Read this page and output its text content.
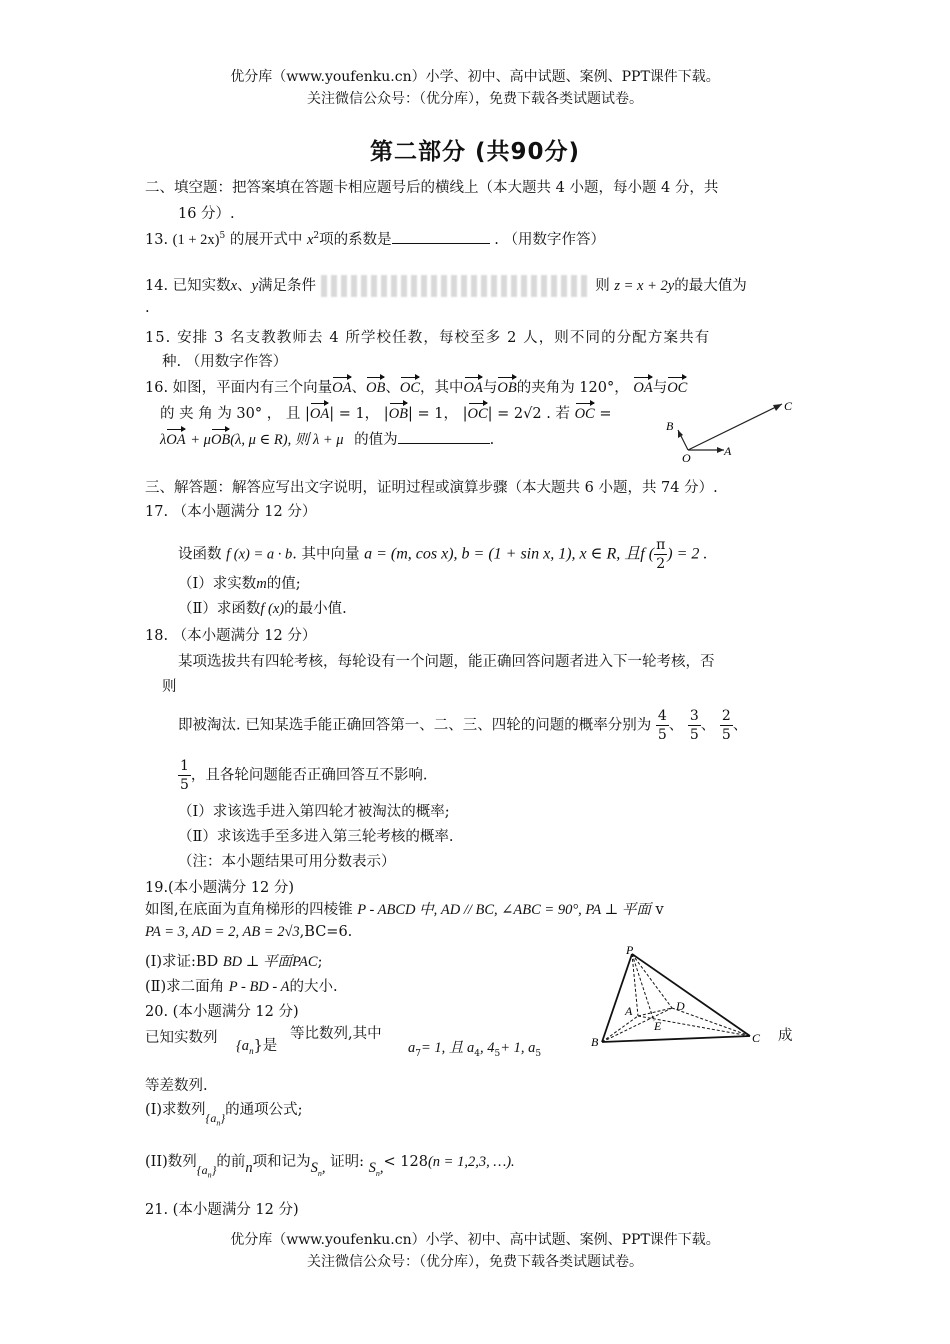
优分库（www.youfenku.cn）小学、初中、高中试题、案例、PPT课件下载。
关注微信公众号：（优分库），免费下载各类试题试卷。
第二部分 (共90分)
二、填空题：把答案填在答题卡相应题号后的横线上（本大题共 4 小题，每小题 4 分，共
16 分）.
13. $(1 + 2x)^5$ 的展开式中 $x^2$项的系数是	. （用数字作答）
14. 已知实数x、y满足条件	则 z = x + 2y的最大值为
.
15. 安排 3 名支教教师去 4 所学校任教，每校至多 2 人，则不同的分配方案共有
种. （用数字作答）
16. 如图，平面内有三个向量OA、OB、OC，其中OA与OB的夹角为 120°， OA与OC
的 夹 角 为 30° ， 且 |OA| = 1， |OB| = 1， |OC| = 2√2 . 若 OC =
λOA + μOB(λ, μ ∈ R), 则 λ + μ 的值为	.
B
C
O	A
三、解答题：解答应写出文字说明，证明过程或演算步骤（本大题共 6 小题，共 74 分）.
17. （本小题满分 12 分）
设函数 f (x) = a · b. 其中向量 a = (m, cos x), b = (1 + sin x, 1), x ∈ R, 且f ( $\frac{\pi}{2}$ ) = 2 .
（Ⅰ）求实数m的值;
（Ⅱ）求函数f (x)的最小值.
18. （本小题满分 12 分）
某项选拔共有四轮考核，每轮设有一个问题，能正确回答问题者进入下一轮考核，否
则
即被淘汰. 已知某选手能正确回答第一、二、三、四轮的问题的概率分别为 $\frac{4}{5}$ 、 $\frac{3}{5}$ 、 $\frac{2}{5}$ 、
$\frac{1}{5}$ ，且各轮问题能否正确回答互不影响.
（Ⅰ）求该选手进入第四轮才被淘汰的概率;
（Ⅱ）求该选手至多进入第三轮考核的概率.
（注：本小题结果可用分数表示）
19.(本小题满分 12 分)
如图,在底面为直角梯形的四棱锥 P - ABCD 中, AD // BC, ∠ABC = 90°, PA ⊥ 平面 v
PA = 3, AD = 2, AB = 2√3,BC=6.
(I)求证:BD BD ⊥ 平面PAC;
(Ⅱ)求二面角 P - BD - A的大小.
P
D
A
E
B	C
20. (本小题满分 12 分)
已知实数列 $\{a_n\}$是
等比数列,其中
$a_7= 1$, 且 $a_4$, $4_5+ 1$, $a_5$
成
等差数列.
(I)求数列$_{\{a_n\}}$的通项公式;
(II)数列$_{\{a_n\}}$的前n项和记为$S_n$, 证明: $S_n,< 128(n = 1,2,3$, …).
21. (本小题满分 12 分)
优分库（www.youfenku.cn）小学、初中、高中试题、案例、PPT课件下载。
关注微信公众号：（优分库），免费下载各类试题试卷。
